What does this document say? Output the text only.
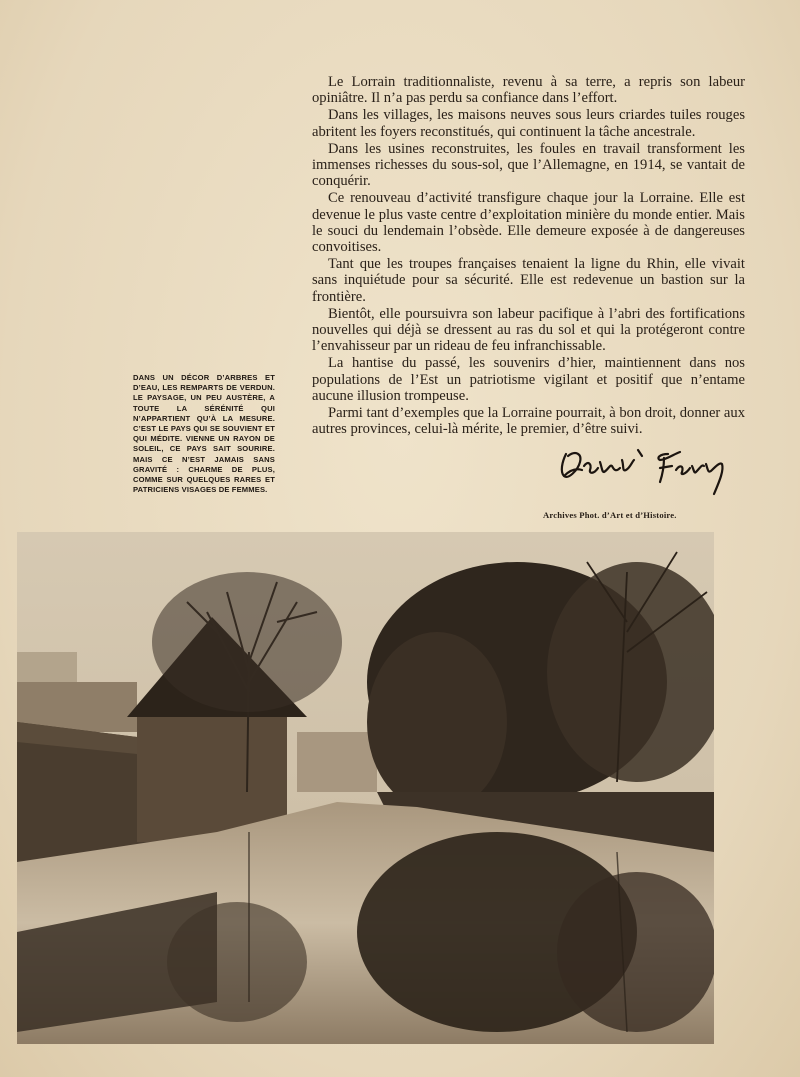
Le Lorrain traditionnaliste, revenu à sa terre, a repris son labeur opiniâtre. Il n’a pas perdu sa confiance dans l’effort.

Dans les villages, les maisons neuves sous leurs criardes tuiles rouges abritent les foyers reconstitués, qui continuent la tâche ancestrale.

Dans les usines reconstruites, les foules en travail transforment les immenses richesses du sous-sol, que l’Allemagne, en 1914, se vantait de conquérir.

Ce renouveau d’activité transfigure chaque jour la Lorraine. Elle est devenue le plus vaste centre d’exploitation minière du monde entier. Mais le souci du lendemain l’obsède. Elle demeure exposée à de dangereuses convoitises.

Tant que les troupes françaises tenaient la ligne du Rhin, elle vivait sans inquiétude pour sa sécurité. Elle est redevenue un bastion sur la frontière.

Bientôt, elle poursuivra son labeur pacifique à l’abri des fortifications nouvelles qui déjà se dressent au ras du sol et qui la protégeront contre l’envahisseur par un rideau de feu infranchissable.

La hantise du passé, les souvenirs d’hier, maintiennent dans nos populations de l’Est un patriotisme vigilant et positif que n’entame aucune illusion trompeuse.

Parmi tant d’exemples que la Lorraine pourrait, à bon droit, donner aux autres provinces, celui-là mérite, le premier, d’être suivi.

DANS UN DÉCOR D’ARBRES ET D’EAU, LES REMPARTS DE VERDUN. LE PAYSAGE, UN PEU AUSTÈRE, A TOUTE LA SÉRÉNITÉ QUI N’APPARTIENT QU’À LA MESURE. C’EST LE PAYS QUI SE SOUVIENT ET QUI MÉDITE. VIENNE UN RAYON DE SOLEIL, CE PAYS SAIT SOURIRE. MAIS CE N’EST JAMAIS SANS GRAVITÉ : CHARME DE PLUS, COMME SUR QUELQUES RARES ET PATRICIENS VISAGES DE FEMMES.
Archives Phot. d’Art et d’Histoire.
